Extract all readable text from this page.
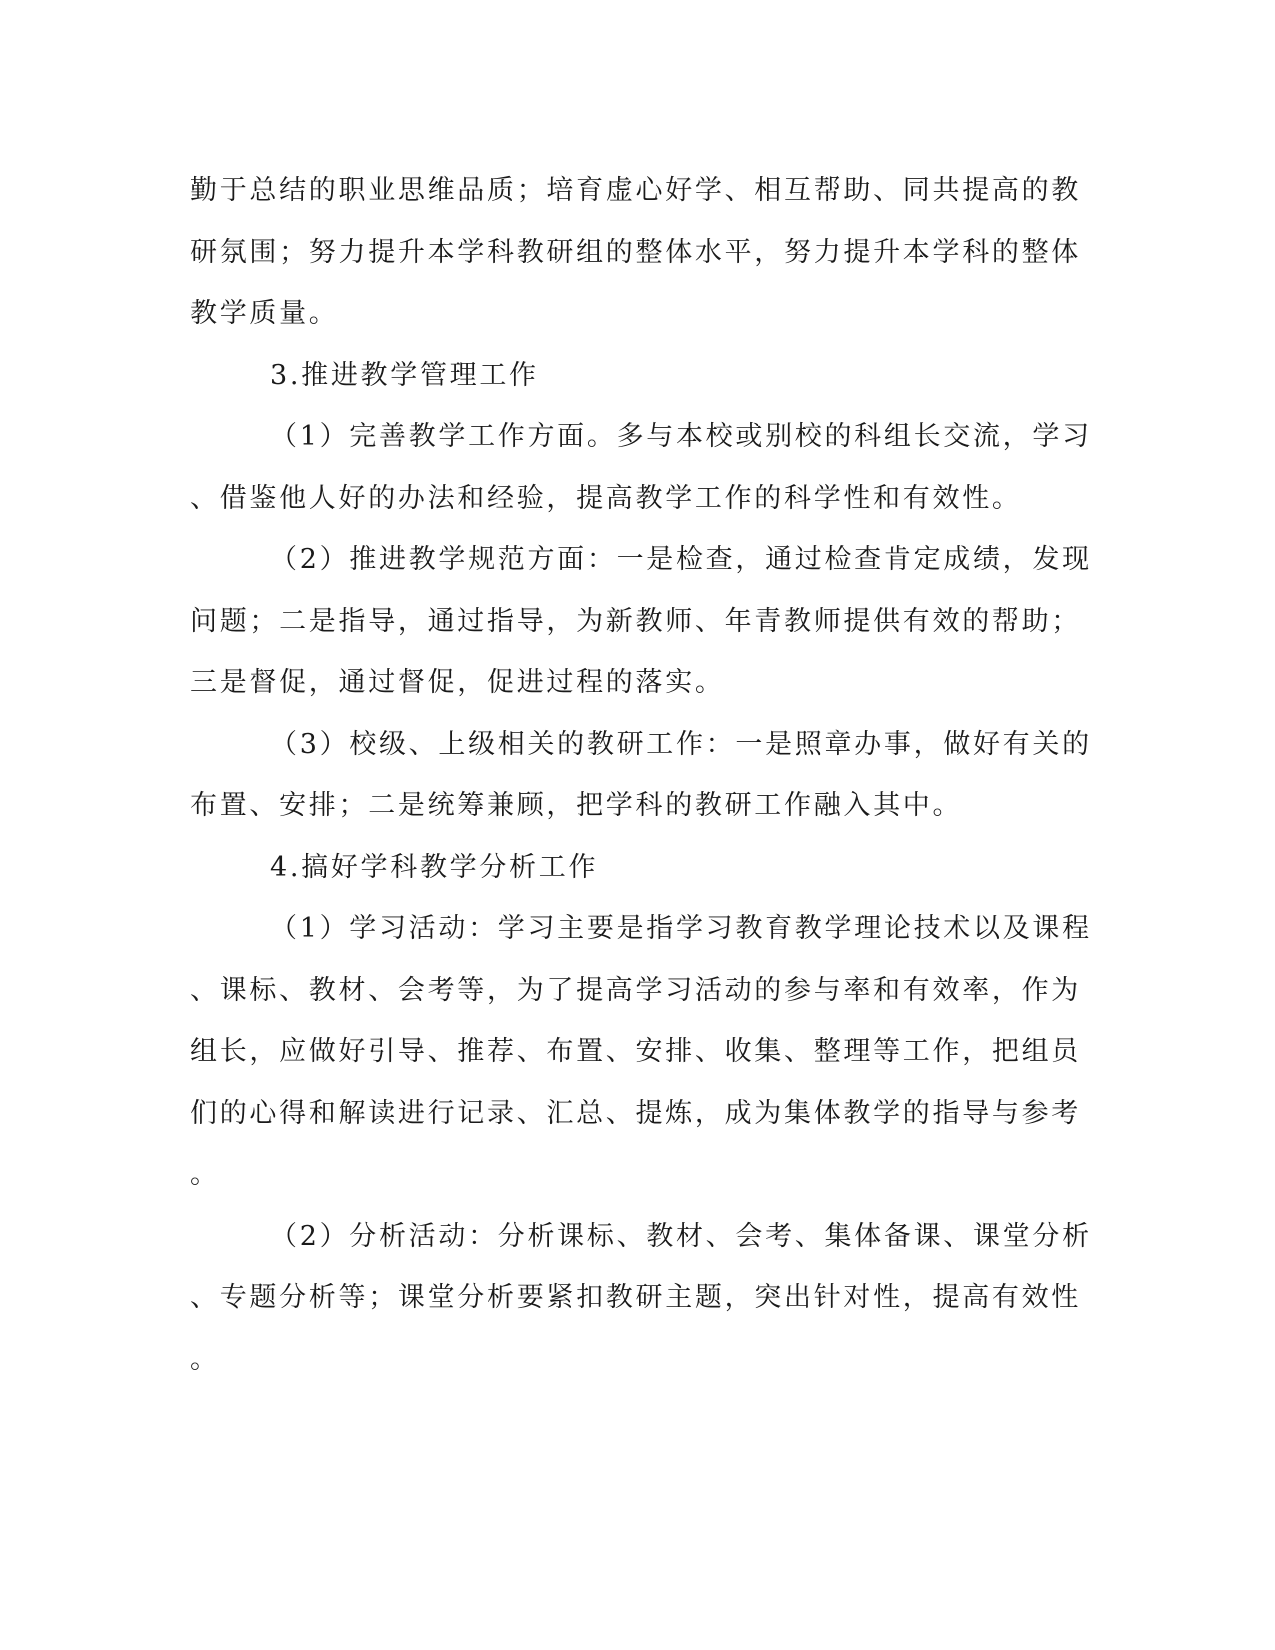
勤于总结的职业思维品质；培育虚心好学、相互帮助、同共提高的教
研氛围；努力提升本学科教研组的整体水平，努力提升本学科的整体
教学质量。
3.推进教学管理工作
（1）完善教学工作方面。多与本校或别校的科组长交流，学习
、借鉴他人好的办法和经验，提高教学工作的科学性和有效性。
（2）推进教学规范方面：一是检查，通过检查肯定成绩，发现
问题；二是指导，通过指导，为新教师、年青教师提供有效的帮助；
三是督促，通过督促，促进过程的落实。
（3）校级、上级相关的教研工作：一是照章办事，做好有关的
布置、安排；二是统筹兼顾，把学科的教研工作融入其中。
4.搞好学科教学分析工作
（1）学习活动：学习主要是指学习教育教学理论技术以及课程
、课标、教材、会考等，为了提高学习活动的参与率和有效率，作为
组长，应做好引导、推荐、布置、安排、收集、整理等工作，把组员
们的心得和解读进行记录、汇总、提炼，成为集体教学的指导与参考
。
（2）分析活动：分析课标、教材、会考、集体备课、课堂分析
、专题分析等；课堂分析要紧扣教研主题，突出针对性，提高有效性
。
